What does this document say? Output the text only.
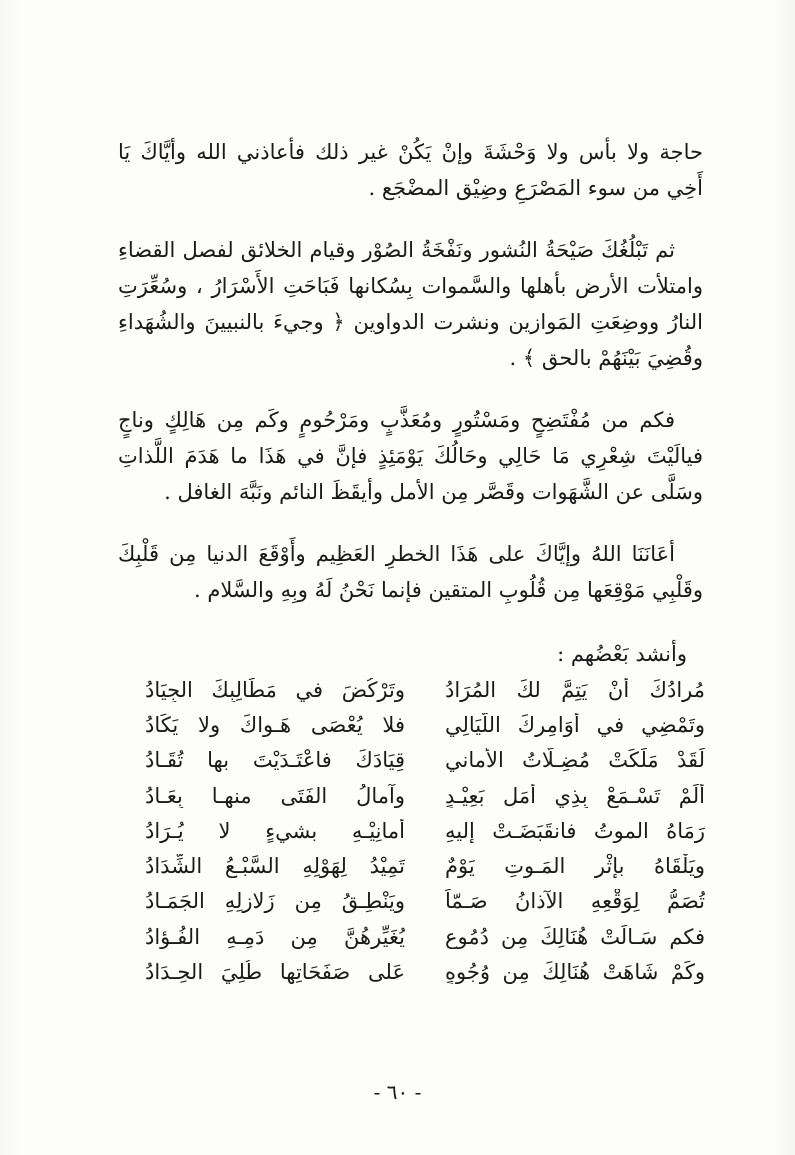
حاجة ولا بأس ولا وَحْشَةَ وإنْ يَكُنْ غير ذلك فأعاذني الله وأيَّاكَ يَا أَخِي من سوء المَصْرَعِ وضِيْق المضْجَع .

ثم تَبْلُغُكَ صَيْحَةُ النُشور ونَفْخَةُ الصُوْر وقيام الخلائق لفصل القضاءِ وامتلأت الأرض بأهلها والسَّموات بِسُكانها فَبَاحَتِ الأَسْرَارُ ، وسُعِّرَتِ النارُ ووضِعَتِ المَوازين ونشرت الدواوين ﴿ وجيءَ بالنبيينَ والشُهَداءِ وقُضِيَ بَيْنَهُمْ بالحق ﴾ .

فكم من مُفْتَضِحٍ ومَسْتُورٍ ومُعَذَّبٍ ومَرْحُومٍ وكَم مِن هَالِكٍ وناجٍ فيالَيْتَ شِعْرِي مَا حَالِي وحَالُكَ يَوْمَئِذٍ فإنَّ في هَذَا ما هَدَمَ اللَّذاتِ وسَلَّى عن الشَّهَوات وقَصَّر مِن الأمل وأيقَظَ النائم ونَبَّهَ الغافل .

أعَانَنَا اللهُ وإيَّاكَ على هَذَا الخطرِ العَظِيم وأَوْقَعَ الدنيا مِن قَلْبِكَ وقَلْبِي مَوْقِعَها مِن قُلُوبِ المتقين فإنما نَحْنُ لَهُ وبِهِ والسَّلام .

وأنشد بَعْضُهم :
مُرادُكَ أنْ يَتِمَّ لكَ المُرَادُ
وتَرْكُضَ في مَطَالِبِكَ الجِيَادُ
وتَمْضِي في أوَامِرِكَ اللَّيَالِي
فلا يُعْصَى هَـواكَ ولا يَكَادُ
لَقَدْ مَلَكَتْ مُضِـلَّاتُ الأماني
قِيَادَكَ فاعْتَـدَيْتَ بها تُقَـادُ
أَلَمْ تَسْـمَعْ بِذِي أَمَلٍ بَعِيْـدٍ
وآمالُ الفَتَى منهـا بِعَـادُ
رَمَاهُ الموتُ فانقَبَضَـتْ إليهِ
أمانِيْـهِ بشيءٍ لا يُـرَادُ
ويَلْقَاهُ بإثْرِ المَـوتِ يَوْمٌ
تَمِيْدُ لِهَوْلِهِ السَّبْـعُ الشِّدَادُ
تُصَمُّ لِوَقْعِهِ الآذانُ صَـمّاً
ويَنْطِـقُ مِن زَلازِلِهِ الجَمَـادُ
فكم سَـالَتْ هُنَالِكَ مِن دُمُوعٍ
يُغَيِّرهُنَّ مِن دَمِـهِ الفُـؤادُ
وكَمْ شَاهَتْ هُنَالِكَ مِن وُجُوهٍ
عَلى صَفَحَاتِها طُلِيَ الحِـدَادُ
- ٦٠ -
